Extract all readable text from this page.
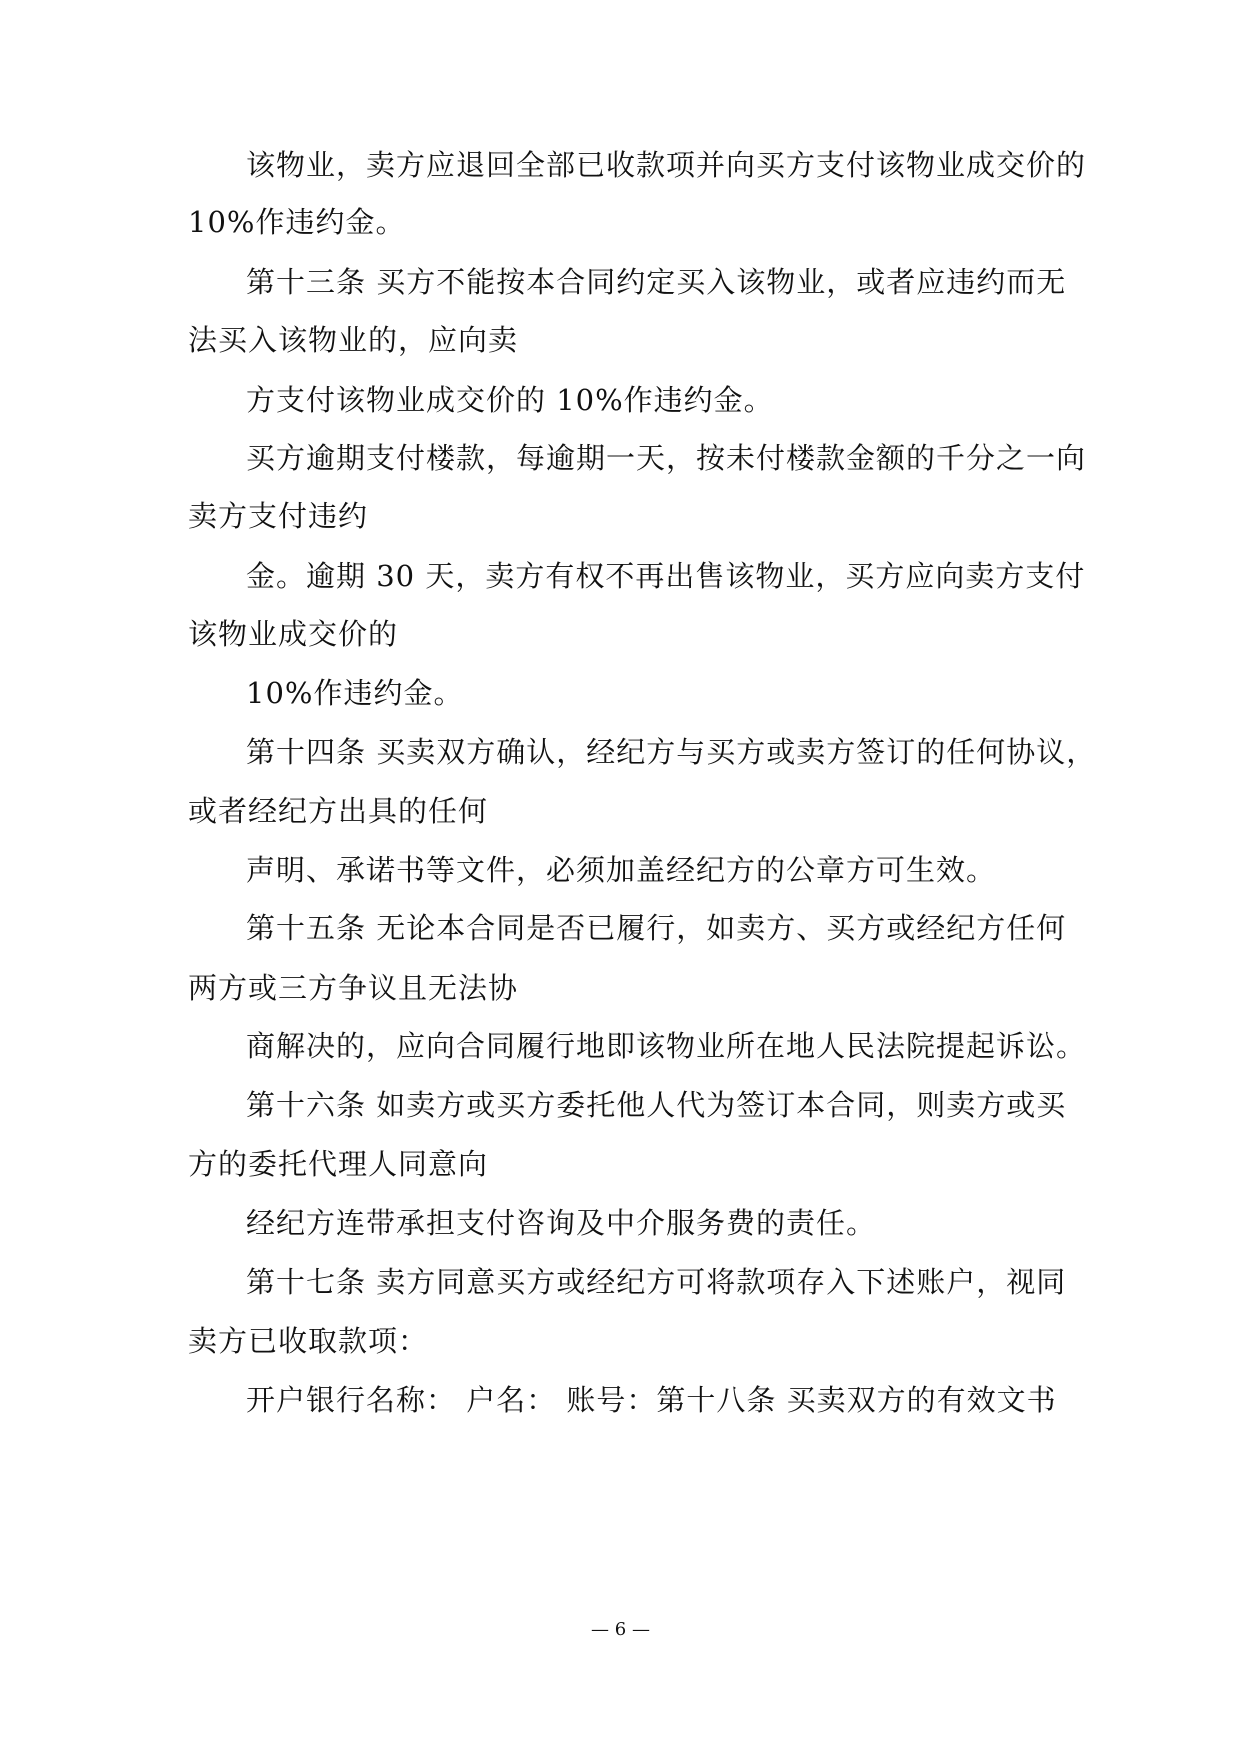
该物业，卖方应退回全部已收款项并向买方支付该物业成交价的
10%作违约金。
第十三条 买方不能按本合同约定买入该物业，或者应违约而无
法买入该物业的，应向卖
方支付该物业成交价的 10%作违约金。
买方逾期支付楼款，每逾期一天，按未付楼款金额的千分之一向
卖方支付违约
金。逾期 30 天，卖方有权不再出售该物业，买方应向卖方支付
该物业成交价的
10%作违约金。
第十四条 买卖双方确认，经纪方与买方或卖方签订的任何协议，
或者经纪方出具的任何
声明、承诺书等文件，必须加盖经纪方的公章方可生效。
第十五条 无论本合同是否已履行，如卖方、买方或经纪方任何
两方或三方争议且无法协
商解决的，应向合同履行地即该物业所在地人民法院提起诉讼。
第十六条 如卖方或买方委托他人代为签订本合同，则卖方或买
方的委托代理人同意向
经纪方连带承担支付咨询及中介服务费的责任。
第十七条 卖方同意买方或经纪方可将款项存入下述账户，视同
卖方已收取款项：
开户银行名称： 户名： 账号：第十八条 买卖双方的有效文书
— 6 —
